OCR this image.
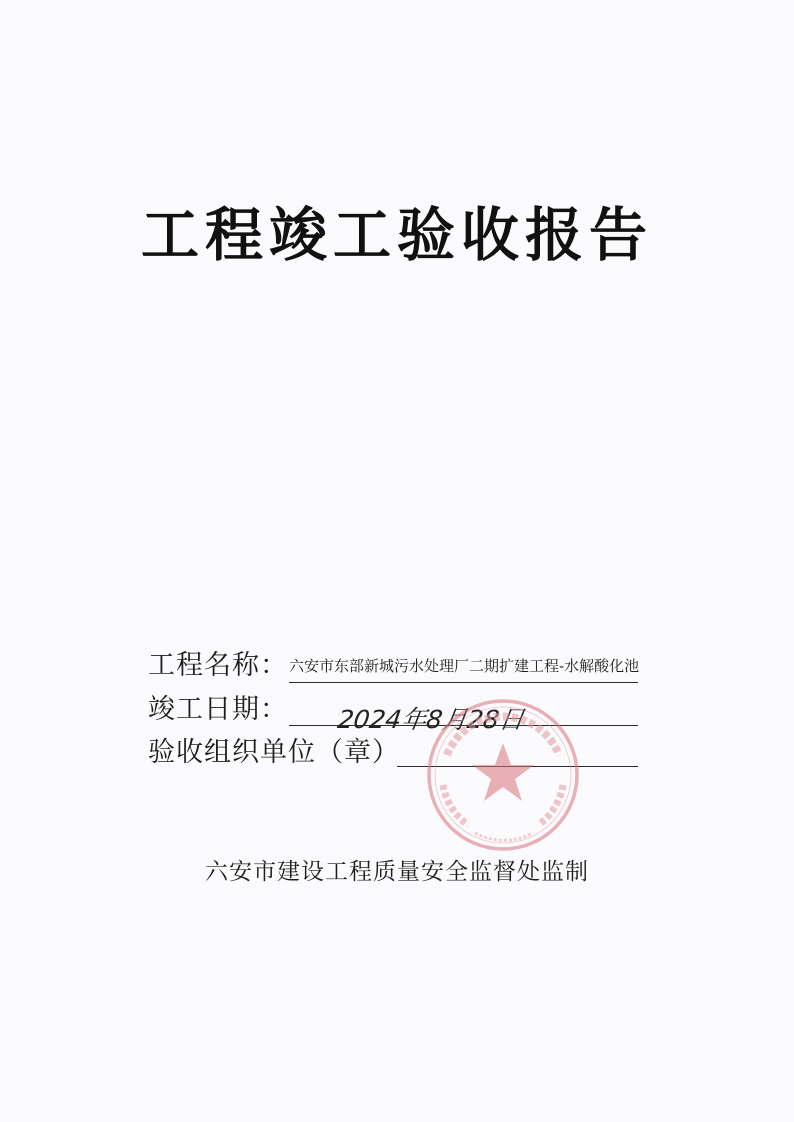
工程竣工验收报告
工程名称： 六安市东部新城污水处理厂二期扩建工程-水解酸化池
竣工日期： 2024年8月28日
验收组织单位（章）
六安市建设工程质量安全监督处监制
